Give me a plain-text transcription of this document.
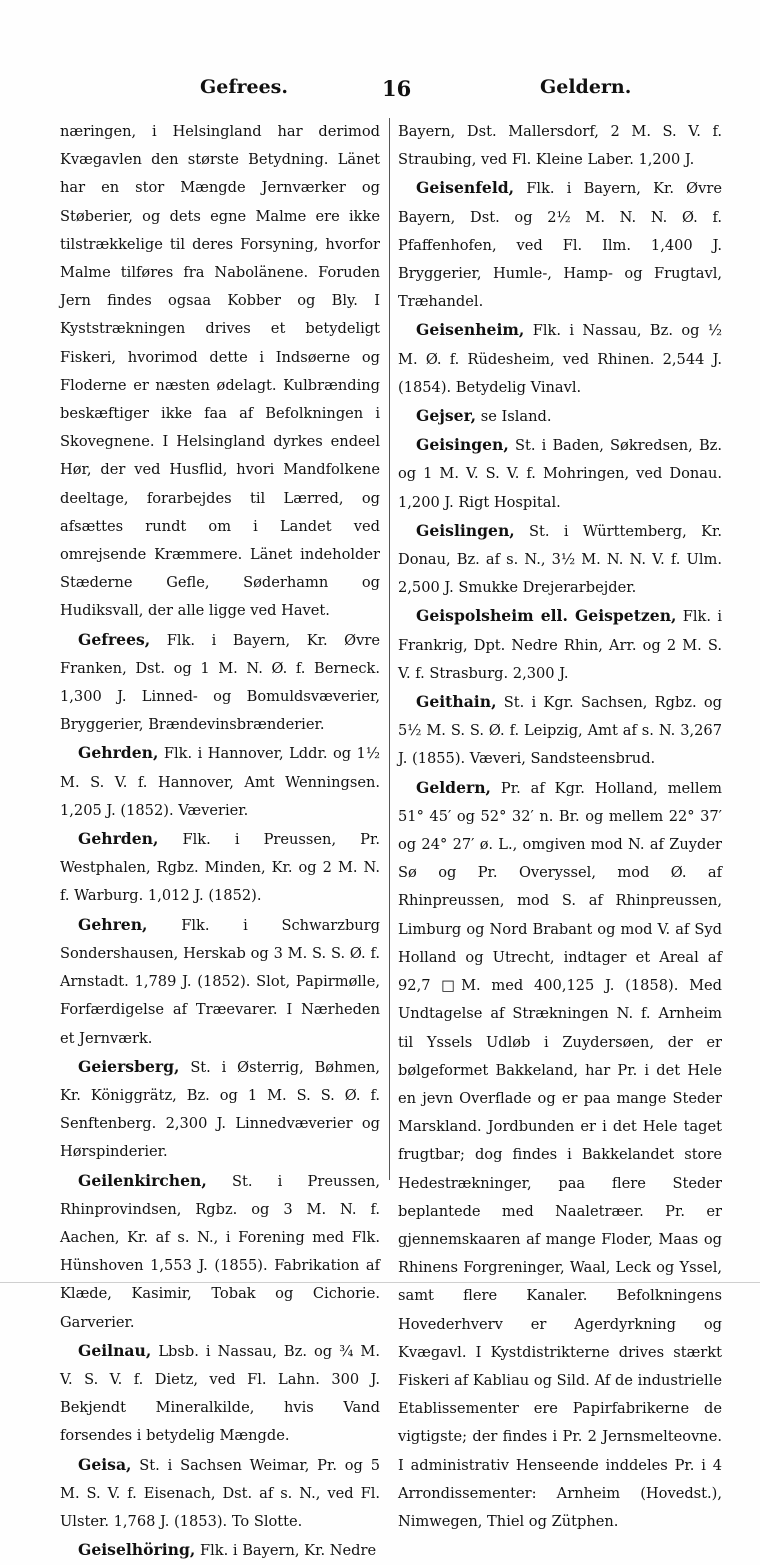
Gefrees.	16	Geldern.

næringen, i Helsingland har derimod Kvægavlen den største Betydning. Länet har en stor Mængde Jernværker og Støberier, og dets egne Malme ere ikke tilstrækkelige til deres Forsyning, hvorfor Malme tilføres fra Nabolänene. Foruden Jern findes ogsaa Kobber og Bly. I Kyststrækningen drives et betydeligt Fiskeri, hvorimod dette i Indsøerne og Floderne er næsten ødelagt. Kulbrænding beskæftiger ikke faa af Befolkningen i Skovegnene. I Helsingland dyrkes endeel Hør, der ved Husflid, hvori Mandfolkene deeltage, forarbejdes til Lærred, og afsættes rundt om i Landet ved omrejsende Kræmmere. Länet indeholder Stæderne Gefle, Søderhamn og Hudiksvall, der alle ligge ved Havet.

Gefrees, Flk. i Bayern, Kr. Øvre Franken, Dst. og 1 M. N. Ø. f. Berneck. 1,300 J. Linned- og Bomuldsvæverier, Bryggerier, Brændevinsbrænderier.

Gehrden, Flk. i Hannover, Lddr. og 1½ M. S. V. f. Hannover, Amt Wenningsen. 1,205 J. (1852). Væverier.

Gehrden, Flk. i Preussen, Pr. Westphalen, Rgbz. Minden, Kr. og 2 M. N. f. Warburg. 1,012 J. (1852).

Gehren, Flk. i Schwarzburg Sondershausen, Herskab og 3 M. S. S. Ø. f. Arnstadt. 1,789 J. (1852). Slot, Papirmølle, Forfærdigelse af Træevarer. I Nærheden et Jernværk.

Geiersberg, St. i Østerrig, Bøhmen, Kr. Königgrätz, Bz. og 1 M. S. S. Ø. f. Senftenberg. 2,300 J. Linnedvæverier og Hørspinderier.

Geilenkirchen, St. i Preussen, Rhinprovindsen, Rgbz. og 3 M. N. f. Aachen, Kr. af s. N., i Forening med Flk. Hünshoven 1,553 J. (1855). Fabrikation af Klæde, Kasimir, Tobak og Cichorie. Garverier.

Geilnau, Lbsb. i Nassau, Bz. og ¾ M. V. S. V. f. Dietz, ved Fl. Lahn. 300 J. Bekjendt Mineralkilde, hvis Vand forsendes i betydelig Mængde.

Geisa, St. i Sachsen Weimar, Pr. og 5 M. S. V. f. Eisenach, Dst. af s. N., ved Fl. Ulster. 1,768 J. (1853). To Slotte.

Geiselhöring, Flk. i Bayern, Kr. Nedre

Bayern, Dst. Mallersdorf, 2 M. S. V. f. Straubing, ved Fl. Kleine Laber. 1,200 J.

Geisenfeld, Flk. i Bayern, Kr. Øvre Bayern, Dst. og 2½ M. N. N. Ø. f. Pfaffenhofen, ved Fl. Ilm. 1,400 J. Bryggerier, Humle-, Hamp- og Frugtavl, Træhandel.

Geisenheim, Flk. i Nassau, Bz. og ½ M. Ø. f. Rüdesheim, ved Rhinen. 2,544 J. (1854). Betydelig Vinavl.

Gejser, se Island.

Geisingen, St. i Baden, Søkredsen, Bz. og 1 M. V. S. V. f. Mohringen, ved Donau. 1,200 J. Rigt Hospital.

Geislingen, St. i Württemberg, Kr. Donau, Bz. af s. N., 3½ M. N. N. V. f. Ulm. 2,500 J. Smukke Drejerarbejder.

Geispolsheim ell. Geispetzen, Flk. i Frankrig, Dpt. Nedre Rhin, Arr. og 2 M. S. V. f. Strasburg. 2,300 J.

Geithain, St. i Kgr. Sachsen, Rgbz. og 5½ M. S. S. Ø. f. Leipzig, Amt af s. N. 3,267 J. (1855). Væveri, Sandsteensbrud.

Geldern, Pr. af Kgr. Holland, mellem 51° 45′ og 52° 32′ n. Br. og mellem 22° 37′ og 24° 27′ ø. L., omgiven mod N. af Zuyder Sø og Pr. Overyssel, mod Ø. af Rhinpreussen, mod S. af Rhinpreussen, Limburg og Nord Brabant og mod V. af Syd Holland og Utrecht, indtager et Areal af 92,7 □M. med 400,125 J. (1858). Med Undtagelse af Strækningen N. f. Arnheim til Yssels Udløb i Zuydersøen, der er bølgeformet Bakkeland, har Pr. i det Hele en jevn Overflade og er paa mange Steder Marskland. Jordbunden er i det Hele taget frugtbar; dog findes i Bakkelandet store Hedestrækninger, paa flere Steder beplantede med Naaletræer. Pr. er gjennemskaaren af mange Floder, Maas og Rhinens Forgreninger, Waal, Leck og Yssel, samt flere Kanaler. Befolkningens Hovederhverv er Agerdyrkning og Kvægavl. I Kystdistrikterne drives stærkt Fiskeri af Kabliau og Sild. Af de industrielle Etablissementer ere Papirfabrikerne de vigtigste; der findes i Pr. 2 Jernsmelteovne. I administrativ Henseende inddeles Pr. i 4 Arrondissementer: Arnheim (Hovedst.), Nimwegen, Thiel og Zütphen.
